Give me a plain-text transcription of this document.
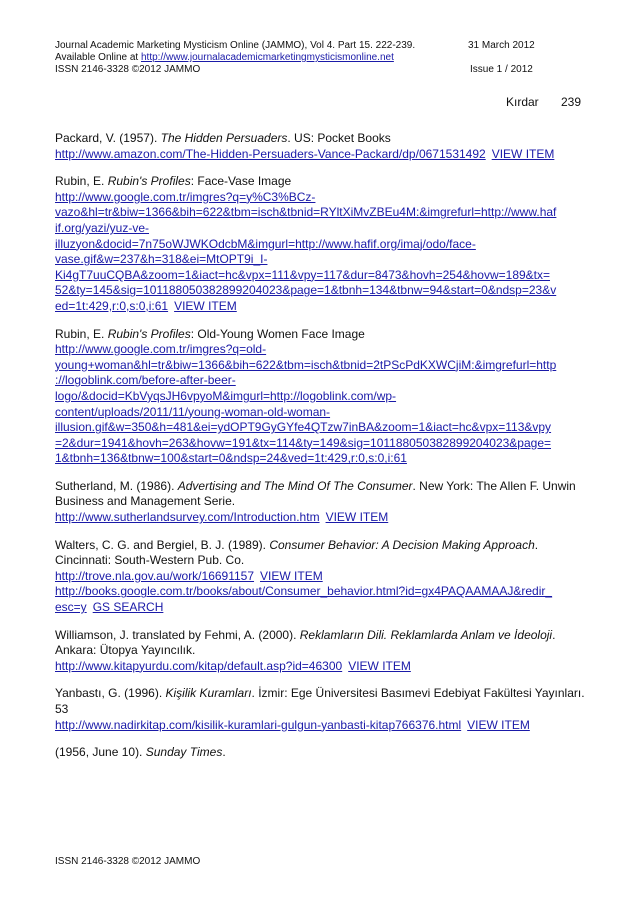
Journal Academic Marketing Mysticism Online (JAMMO), Vol 4. Part 15. 222-239.	31 March 2012
Available Online at http://www.journalacademicmarketingmysticismonline.net
ISSN 2146-3328 ©2012 JAMMO	Issue 1 / 2012
Kırdar 239
Packard, V. (1957). The Hidden Persuaders. US: Pocket Books
http://www.amazon.com/The-Hidden-Persuaders-Vance-Packard/dp/0671531492 VIEW ITEM
Rubin, E. Rubin's Profiles: Face-Vase Image
http://www.google.com.tr/imgres?q=y%C3%BCz-
vazo&hl=tr&biw=1366&bih=622&tbm=isch&tbnid=RYltXiMvZBEu4M:&imgrefurl=http://www.haf
if.org/yazi/yuz-ve-
illuzyon&docid=7n75oWJWKOdcbM&imgurl=http://www.hafif.org/imaj/odo/face-
vase.gif&w=237&h=318&ei=MtOPT9i_I-
Ki4gT7uuCQBA&zoom=1&iact=hc&vpx=111&vpy=117&dur=8473&hovh=254&hovw=189&tx=
52&ty=145&sig=101188050382899204023&page=1&tbnh=134&tbnw=94&start=0&ndsp=23&v
ed=1t:429,r:0,s:0,i:61 VIEW ITEM
Rubin, E. Rubin's Profiles: Old-Young Women Face Image
http://www.google.com.tr/imgres?q=old-
young+woman&hl=tr&biw=1366&bih=622&tbm=isch&tbnid=2tPScPdKXWCjiM:&imgrefurl=http
://logoblink.com/before-after-beer-
logo/&docid=KbVyqsJH6vpyoM&imgurl=http://logoblink.com/wp-
content/uploads/2011/11/young-woman-old-woman-
illusion.gif&w=350&h=481&ei=ydOPT9GyGYfe4QTzw7inBA&zoom=1&iact=hc&vpx=113&vpy
=2&dur=1941&hovh=263&hovw=191&tx=114&ty=149&sig=101188050382899204023&page=
1&tbnh=136&tbnw=100&start=0&ndsp=24&ved=1t:429,r:0,s:0,i:61
Sutherland, M. (1986). Advertising and The Mind Of The Consumer. New York: The Allen F. Unwin Business and Management Serie.
http://www.sutherlandsurvey.com/Introduction.htm VIEW ITEM
Walters, C. G. and Bergiel, B. J. (1989). Consumer Behavior: A Decision Making Approach. Cincinnati: South-Western Pub. Co.
http://trove.nla.gov.au/work/16691157 VIEW ITEM
http://books.google.com.tr/books/about/Consumer_behavior.html?id=gx4PAQAAMAAJ&redir_
esc=y GS SEARCH
Williamson, J. translated by Fehmi, A. (2000). Reklamların Dili. Reklamlarda Anlam ve İdeoloji. Ankara: Ütopya Yayıncılık.
http://www.kitapyurdu.com/kitap/default.asp?id=46300 VIEW ITEM
Yanbastı, G. (1996). Kişilik Kuramları. İzmir: Ege Üniversitesi Basımevi Edebiyat Fakültesi Yayınları. 53
http://www.nadirkitap.com/kisilik-kuramlari-gulgun-yanbasti-kitap766376.html VIEW ITEM
(1956, June 10). Sunday Times.
ISSN 2146-3328 ©2012 JAMMO
